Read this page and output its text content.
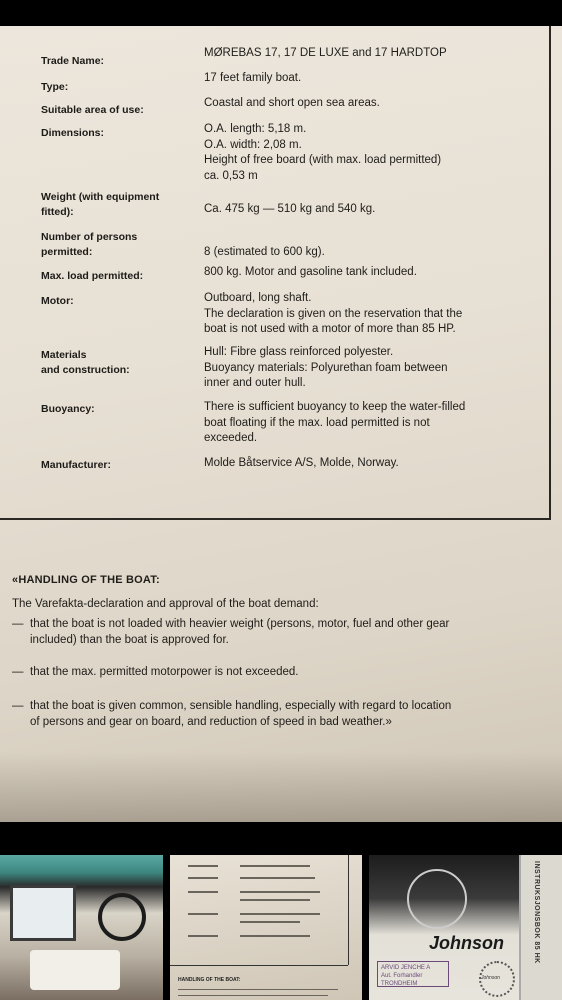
Trade Name:
MØREBAS 17, 17 DE LUXE and 17 HARDTOP
Type:
17 feet family boat.
Suitable area of use:
Coastal and short open sea areas.
Dimensions:	O.A. length: 5,18 m.
O.A. width: 2,08 m.
Height of free board (with max. load permitted)
ca. 0,53 m
Weight (with equipment
fitted):	Ca. 475 kg — 510 kg and 540 kg.
Number of persons
permitted:	8 (estimated to 600 kg).
Max. load permitted:	800 kg. Motor and gasoline tank included.
Motor:	Outboard, long shaft.
The declaration is given on the reservation that the
boat is not used with a motor of more than 85 HP.
Materials
and construction:
Hull: Fibre glass reinforced polyester.
Buoyancy materials: Polyurethan foam between
inner and outer hull.
Buoyancy:	There is sufficient buoyancy to keep the water-filled
boat floating if the max. load permitted is not
exceeded.
Manufacturer:	Molde Båtservice A/S, Molde, Norway.
«HANDLING OF THE BOAT:
The Varefakta-declaration and approval of the boat demand:
— that the boat is not loaded with heavier weight (persons, motor, fuel and other gear
included) than the boat is approved for.
— that the max. permitted motorpower is not exceeded.
— that the boat is given common, sensible handling, especially with regard to location
of persons and gear on board, and reduction of speed in bad weather.»
HANDLING OF THE BOAT:
Johnson
ARVID JENCHE A
Aut. Forhandler
TRONDHEIM
Johnson
INSTRUKSJONSBOK 85 HK
